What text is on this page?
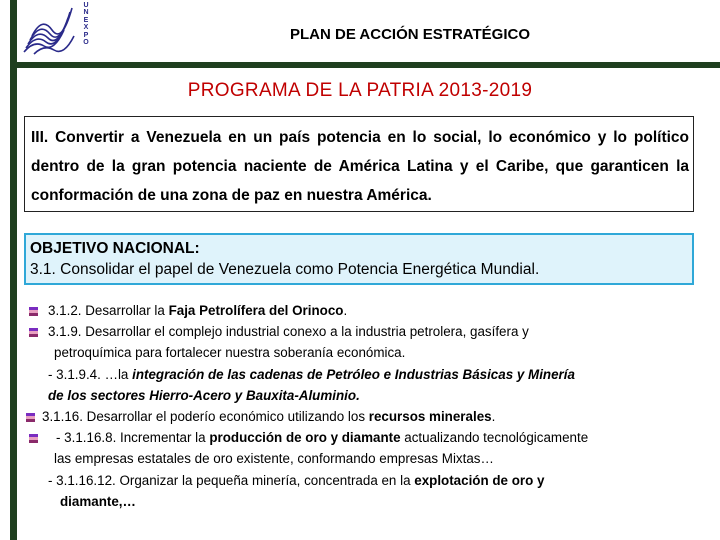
U
N
E
X
P
O	PLAN DE ACCIÓN ESTRATÉGICO
PROGRAMA DE LA PATRIA 2013-2019
III. Convertir a Venezuela en un país potencia en lo social, lo económico y lo político dentro de la gran potencia naciente de América Latina y el Caribe, que garanticen la conformación de una zona de paz en nuestra América.
OBJETIVO NACIONAL:
3.1. Consolidar el papel de Venezuela como Potencia Energética Mundial.
3.1.2. Desarrollar la Faja Petrolífera del Orinoco.
3.1.9. Desarrollar el complejo industrial conexo a la industria petrolera, gasífera y
petroquímica para fortalecer nuestra soberanía económica.
- 3.1.9.4. …la integración de las cadenas de Petróleo e Industrias Básicas y Minería
de los sectores Hierro-Acero y Bauxita-Aluminio.
3.1.16. Desarrollar el poderío económico utilizando los recursos minerales.
- 3.1.16.8. Incrementar la producción de oro y diamante actualizando tecnológicamente
las empresas estatales de oro existente, conformando empresas Mixtas…
- 3.1.16.12. Organizar la pequeña minería, concentrada en la explotación de oro y
diamante,…
